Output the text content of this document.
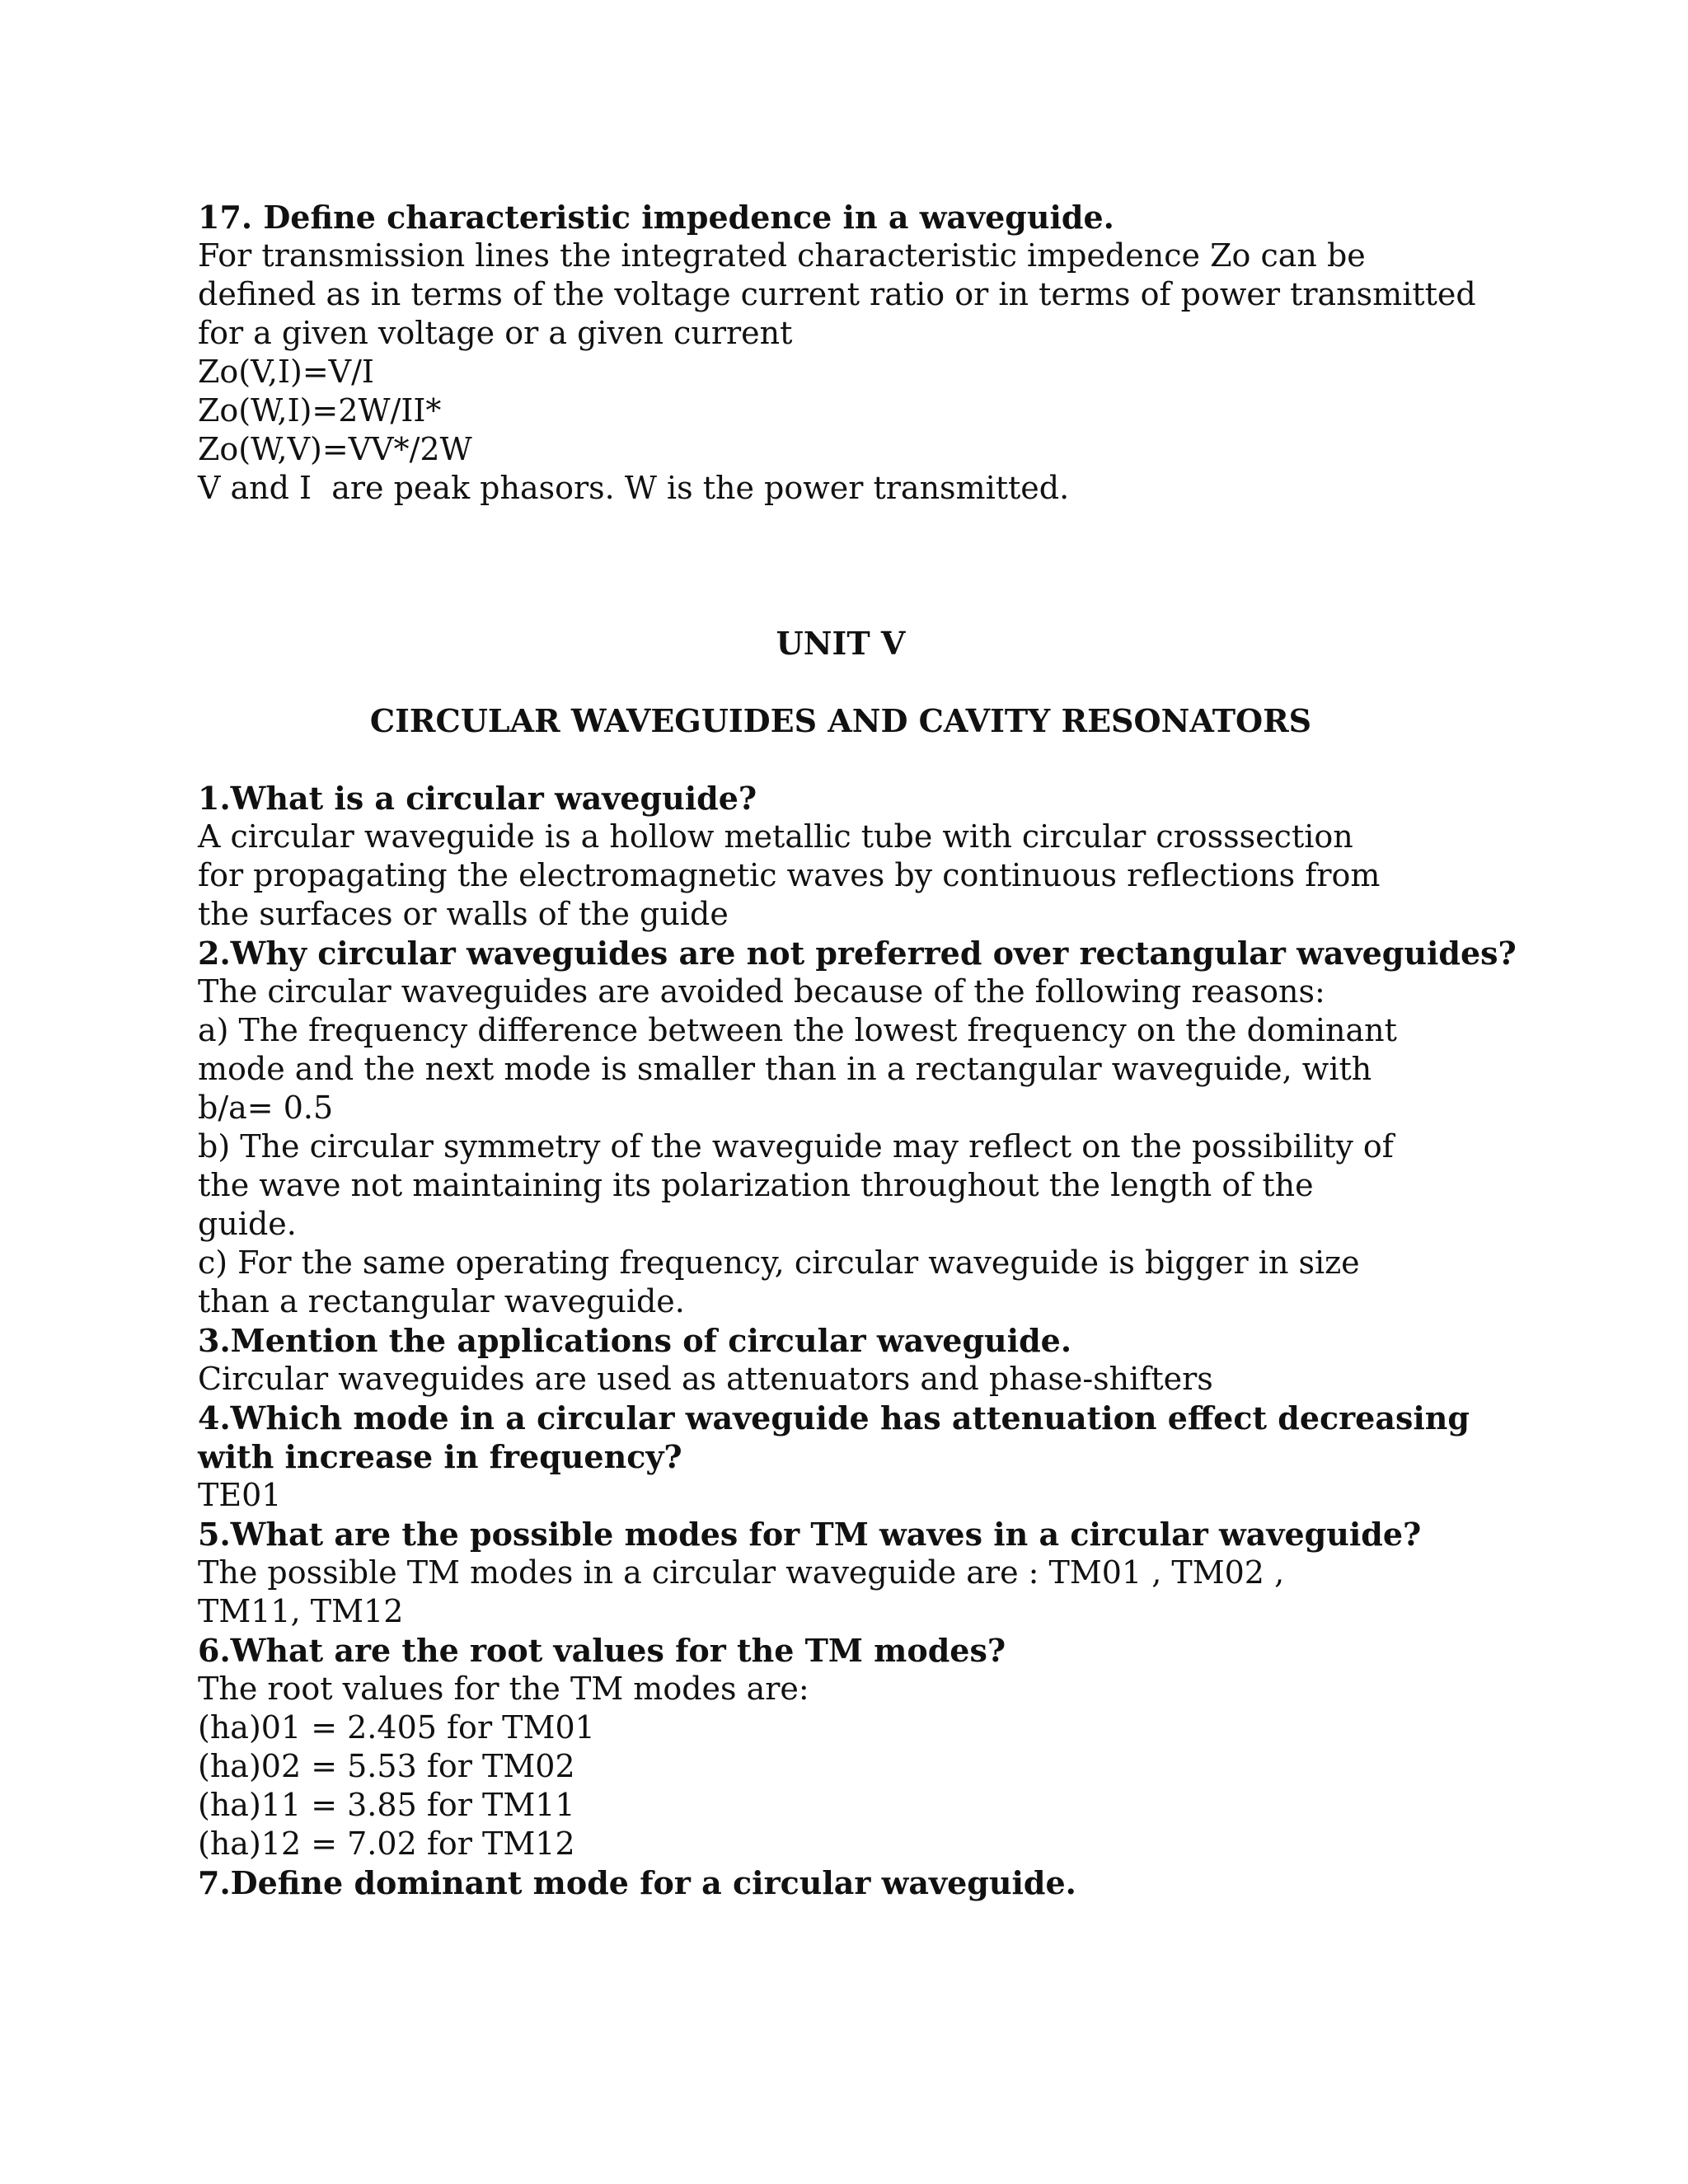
17. Define characteristic impedence in a waveguide.

For transmission lines the integrated characteristic impedence Zo can be

defined as in terms of the voltage current ratio or in terms of power transmitted

for a given voltage or a given current

Zo(V,I)=V/I

Zo(W,I)=2W/II*

Zo(W,V)=VV*/2W

V and I  are peak phasors. W is the power transmitted.

UNIT V

CIRCULAR WAVEGUIDES AND CAVITY RESONATORS

1.What is a circular waveguide?

A circular waveguide is a hollow metallic tube with circular crosssection

for propagating the electromagnetic waves by continuous reflections from

the surfaces or walls of the guide

2.Why circular waveguides are not preferred over rectangular waveguides?

The circular waveguides are avoided because of the following reasons:

a) The frequency difference between the lowest frequency on the dominant

mode and the next mode is smaller than in a rectangular waveguide, with

b/a= 0.5

b) The circular symmetry of the waveguide may reflect on the possibility of

the wave not maintaining its polarization throughout the length of the

guide.

c) For the same operating frequency, circular waveguide is bigger in size

than a rectangular waveguide.

3.Mention the applications of circular waveguide.

Circular waveguides are used as attenuators and phase-shifters

4.Which mode in a circular waveguide has attenuation effect decreasing

with increase in frequency?

TE01

5.What are the possible modes for TM waves in a circular waveguide?

The possible TM modes in a circular waveguide are : TM01 , TM02 ,

TM11, TM12

6.What are the root values for the TM modes?

The root values for the TM modes are:

(ha)01 = 2.405 for TM01

(ha)02 = 5.53 for TM02

(ha)11 = 3.85 for TM11

(ha)12 = 7.02 for TM12

7.Define dominant mode for a circular waveguide.
